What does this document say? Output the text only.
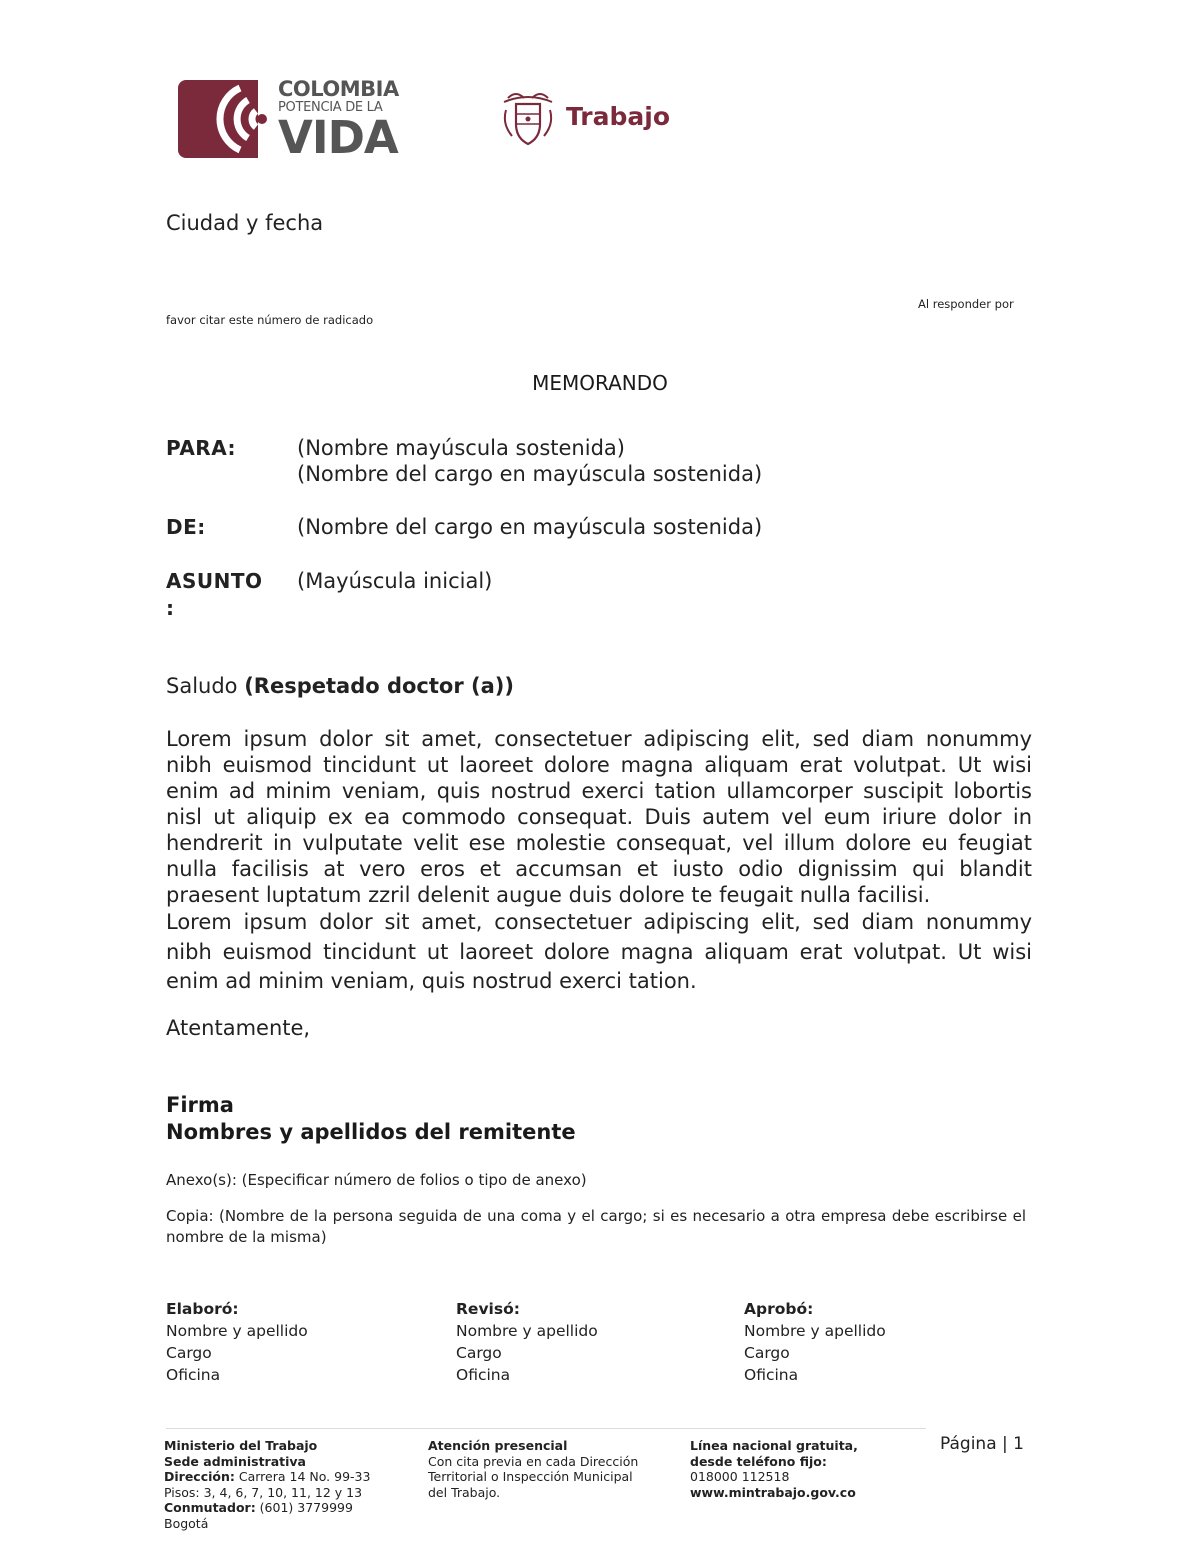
COLOMBIA
POTENCIA DE LA
VIDA	Trabajo
Ciudad y fecha
favor citar este número de radicado
Al responder por
MEMORANDO
PARA:	(Nombre mayúscula sostenida)
(Nombre del cargo en mayúscula sostenida)
DE:	(Nombre del cargo en mayúscula sostenida)
ASUNTO
:
(Mayúscula inicial)
Saludo (Respetado doctor (a))

Lorem ipsum dolor sit amet, consectetuer adipiscing elit, sed diam nonummy nibh euismod tincidunt ut laoreet dolore magna aliquam erat volutpat. Ut wisi enim ad minim veniam, quis nostrud exerci tation ullamcorper suscipit lobortis nisl ut aliquip ex ea commodo consequat. Duis autem vel eum iriure dolor in hendrerit in vulputate velit ese molestie consequat, vel illum dolore eu feugiat nulla facilisis at vero eros et accumsan et iusto odio dignissim qui blandit praesent luptatum zzril delenit augue duis dolore te feugait nulla facilisi.

Lorem ipsum dolor sit amet, consectetuer adipiscing elit, sed diam nonummy nibh euismod tincidunt ut laoreet dolore magna aliquam erat volutpat. Ut wisi enim ad minim veniam, quis nostrud exerci tation.

Atentamente,
Firma
Nombres y apellidos del remitente
Anexo(s): (Especificar número de folios o tipo de anexo)
Copia: (Nombre de la persona seguida de una coma y el cargo; si es necesario a otra empresa debe escribirse el nombre de la misma)
Elaboró:
Nombre y apellido
Cargo
Oficina
Revisó:
Nombre y apellido
Cargo
Oficina
Aprobó:
Nombre y apellido
Cargo
Oficina
Ministerio del Trabajo
Sede administrativa
Dirección: Carrera 14 No. 99-33
Pisos: 3, 4, 6, 7, 10, 11, 12 y 13
Conmutador: (601) 3779999
Bogotá
Atención presencial
Con cita previa en cada Dirección
Territorial o Inspección Municipal
del Trabajo.
Línea nacional gratuita,
desde teléfono fijo:
018000 112518
www.mintrabajo.gov.co
Página | 1
